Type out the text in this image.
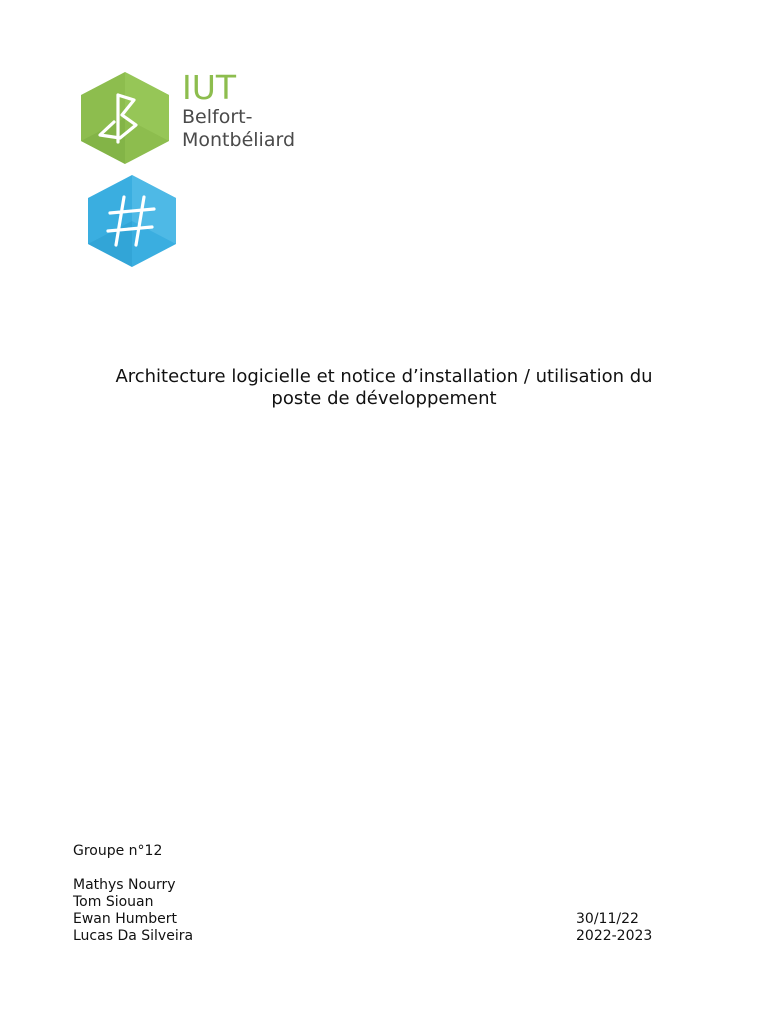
IUT
Belfort-
Montbéliard
Architecture logicielle et notice d’installation / utilisation du
poste de développement
Groupe n°12
Mathys Nourry
Tom Siouan
Ewan Humbert	30/11/22
Lucas Da Silveira	2022-2023
